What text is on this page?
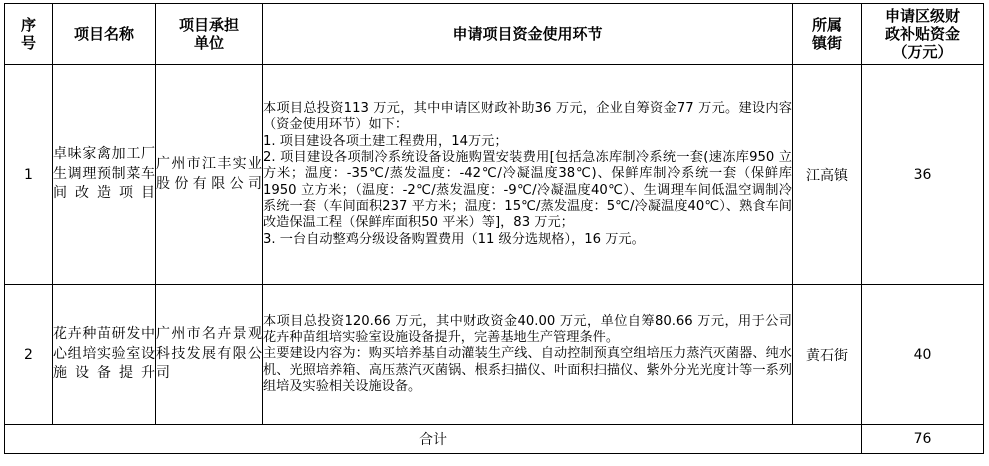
序号	项目名称	项目承担单位	申请项目资金使用环节	所属镇街	申请区级财政补贴资金（万元）
1	卓味家禽加工厂生调理预制菜车间改造项目	广州市江丰实业股份有限公司	本项目总投资113 万元，其中申请区财政补助36 万元，企业自筹资金77 万元。建设内容（资金使用环节）如下：
1. 项目建设各项土建工程费用，14万元；
2. 项目建设各项制冷系统设备设施购置安装费用[包括急冻库制冷系统一套(速冻库950 立方米；温度：-35℃/蒸发温度：-42℃/冷凝温度38℃)、保鲜库制冷系统一套（保鲜库1950 立方米；（温度：-2℃/蒸发温度：-9℃/冷凝温度40℃）、生调理车间低温空调制冷系统一套（车间面积237 平方米；温度：15℃/蒸发温度：5℃/冷凝温度40℃）、熟食车间改造保温工程（保鲜库面积50 平米）等]，83 万元；
3. 一台自动整鸡分级设备购置费用（11 级分选规格），16 万元。	江高镇	36
2	花卉种苗研发中心组培实验室设施设备提升	广州市名卉景观科技发展有限公司	本项目总投资120.66 万元，其中财政资金40.00 万元，单位自筹80.66 万元，用于公司花卉种苗组培实验室设施设备提升，完善基地生产管理条件。
主要建设内容为：购买培养基自动灌装生产线、自动控制预真空组培压力蒸汽灭菌器、纯水机、光照培养箱、高压蒸汽灭菌锅、根系扫描仪、叶面积扫描仪、紫外分光光度计等一系列组培及实验相关设施设备。	黄石街	40
合计					76
